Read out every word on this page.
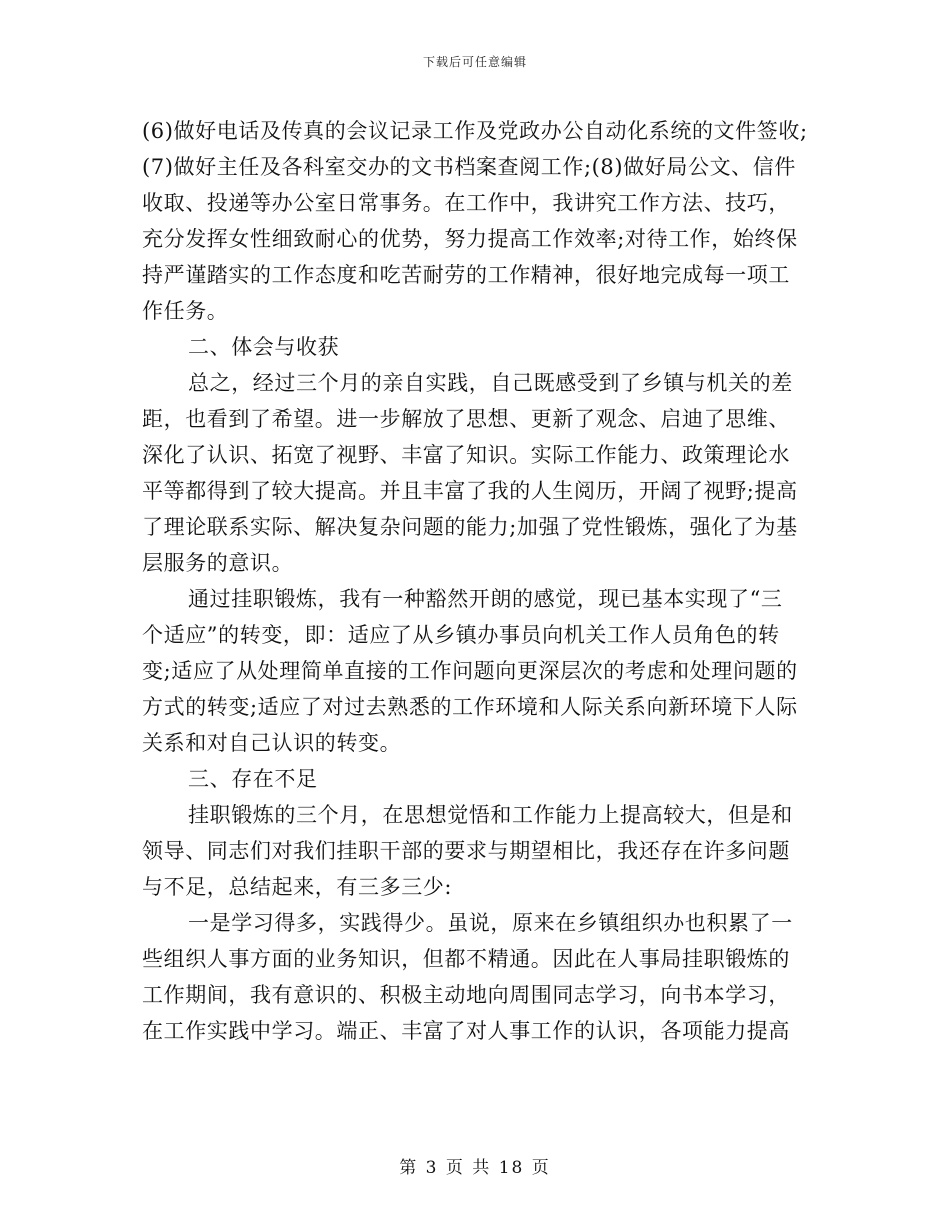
下载后可任意编辑
(6)做好电话及传真的会议记录工作及党政办公自动化系统的文件签收;
(7)做好主任及各科室交办的文书档案查阅工作;(8)做好局公文、信件
收取、投递等办公室日常事务。在工作中，我讲究工作方法、技巧，
充分发挥女性细致耐心的优势，努力提高工作效率;对待工作，始终保
持严谨踏实的工作态度和吃苦耐劳的工作精神，很好地完成每一项工
作任务。
二、体会与收获
总之，经过三个月的亲自实践，自己既感受到了乡镇与机关的差
距，也看到了希望。进一步解放了思想、更新了观念、启迪了思维、
深化了认识、拓宽了视野、丰富了知识。实际工作能力、政策理论水
平等都得到了较大提高。并且丰富了我的人生阅历，开阔了视野;提高
了理论联系实际、解决复杂问题的能力;加强了党性锻炼，强化了为基
层服务的意识。
通过挂职锻炼，我有一种豁然开朗的感觉，现已基本实现了“三
个适应”的转变，即：适应了从乡镇办事员向机关工作人员角色的转
变;适应了从处理简单直接的工作问题向更深层次的考虑和处理问题的
方式的转变;适应了对过去熟悉的工作环境和人际关系向新环境下人际
关系和对自己认识的转变。
三、存在不足
挂职锻炼的三个月，在思想觉悟和工作能力上提高较大，但是和
领导、同志们对我们挂职干部的要求与期望相比，我还存在许多问题
与不足，总结起来，有三多三少:
一是学习得多，实践得少。虽说，原来在乡镇组织办也积累了一
些组织人事方面的业务知识，但都不精通。因此在人事局挂职锻炼的
工作期间，我有意识的、积极主动地向周围同志学习，向书本学习，
在工作实践中学习。端正、丰富了对人事工作的认识，各项能力提高
第 3 页 共 18 页
